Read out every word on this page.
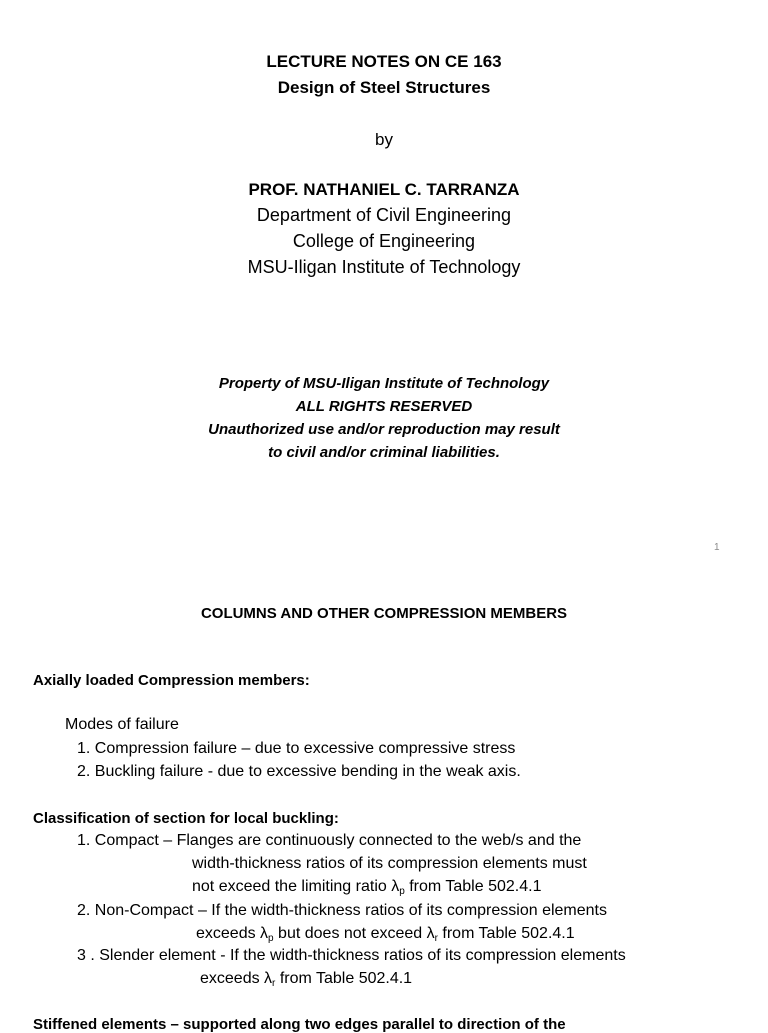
LECTURE NOTES ON CE 163
Design of Steel Structures
by
PROF. NATHANIEL C. TARRANZA
Department of Civil Engineering
College of Engineering
MSU-Iligan Institute of Technology
Property of MSU-Iligan Institute of Technology
ALL RIGHTS RESERVED
Unauthorized use and/or reproduction may result
to civil and/or criminal liabilities.
1
COLUMNS AND OTHER COMPRESSION MEMBERS
Axially loaded Compression members:
Modes of failure
1. Compression failure – due to excessive compressive stress
2. Buckling failure - due to excessive bending in the weak axis.
Classification of section for local buckling:
1. Compact – Flanges are continuously connected to the web/s and the
width-thickness ratios of its compression elements must
not exceed the limiting ratio $\lambda_p$ from Table 502.4.1
2. Non-Compact – If the width-thickness ratios of its compression elements
exceeds $\lambda_p$ but does not exceed $\lambda_r$ from Table 502.4.1
3 . Slender element - If the width-thickness ratios of its compression elements
exceeds $\lambda_r$ from Table 502.4.1
Stiffened elements – supported along two edges parallel to direction of the
